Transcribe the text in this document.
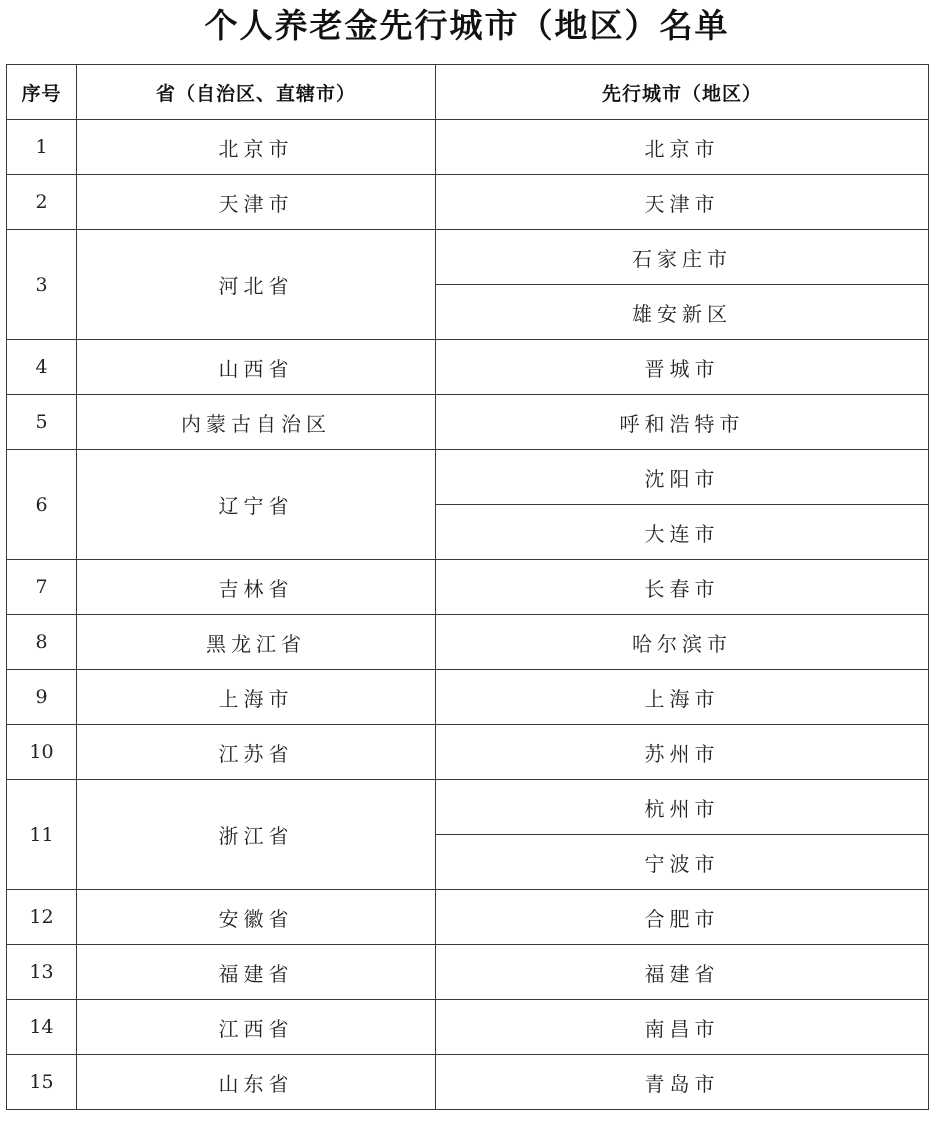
个人养老金先行城市（地区）名单
序号	省（自治区、直辖市）	先行城市（地区）
1	北京市	北京市
2	天津市	天津市
3	河北省	石家庄市
		雄安新区
4	山西省	晋城市
5	内蒙古自治区	呼和浩特市
6	辽宁省	沈阳市
		大连市
7	吉林省	长春市
8	黑龙江省	哈尔滨市
9	上海市	上海市
10	江苏省	苏州市
11	浙江省	杭州市
		宁波市
12	安徽省	合肥市
13	福建省	福建省
14	江西省	南昌市
15	山东省	青岛市
